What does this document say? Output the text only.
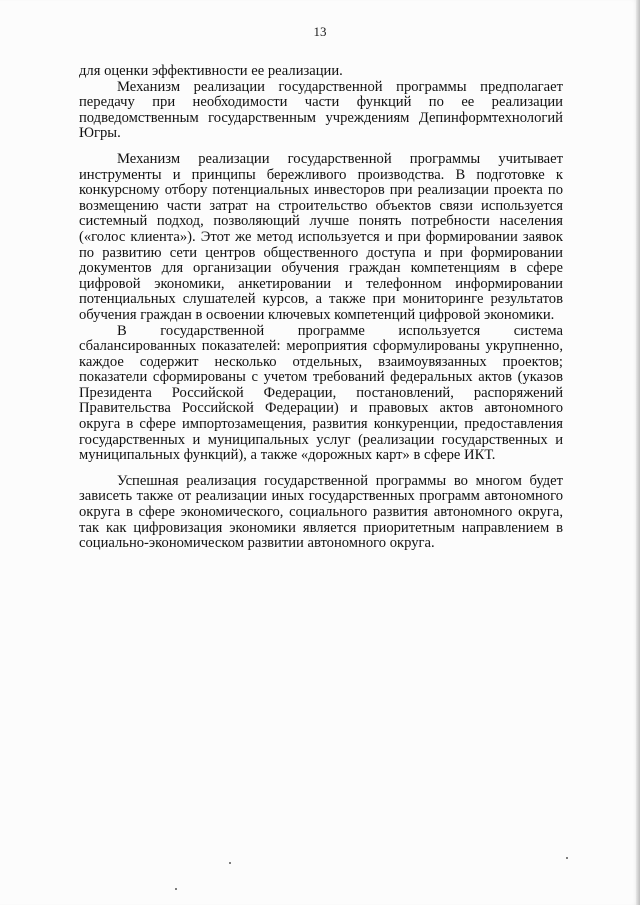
13

для оценки эффективности ее реализации.

Механизм реализации государственной программы предполагает передачу при необходимости части функций по ее реализации подведомственным государственным учреждениям Депинформтехнологий Югры.

Механизм реализации государственной программы учитывает инструменты и принципы бережливого производства. В подготовке к конкурсному отбору потенциальных инвесторов при реализации проекта по возмещению части затрат на строительство объектов связи используется системный подход, позволяющий лучше понять потребности населения («голос клиента»). Этот же метод используется и при формировании заявок по развитию сети центров общественного доступа и при формировании документов для организации обучения граждан компетенциям в сфере цифровой экономики, анкетировании и телефонном информировании потенциальных слушателей курсов, а также при мониторинге результатов обучения граждан в освоении ключевых компетенций цифровой экономики.

В государственной программе используется система сбалансированных показателей: мероприятия сформулированы укрупненно, каждое содержит несколько отдельных, взаимоувязанных проектов; показатели сформированы с учетом требований федеральных актов (указов Президента Российской Федерации, постановлений, распоряжений Правительства Российской Федерации) и правовых актов автономного округа в сфере импортозамещения, развития конкуренции, предоставления государственных и муниципальных услуг (реализации государственных и муниципальных функций), а также «дорожных карт» в сфере ИКТ.

Успешная реализация государственной программы во многом будет зависеть также от реализации иных государственных программ автономного округа в сфере экономического, социального развития автономного округа, так как цифровизация экономики является приоритетным направлением в социально-экономическом развитии автономного округа.
